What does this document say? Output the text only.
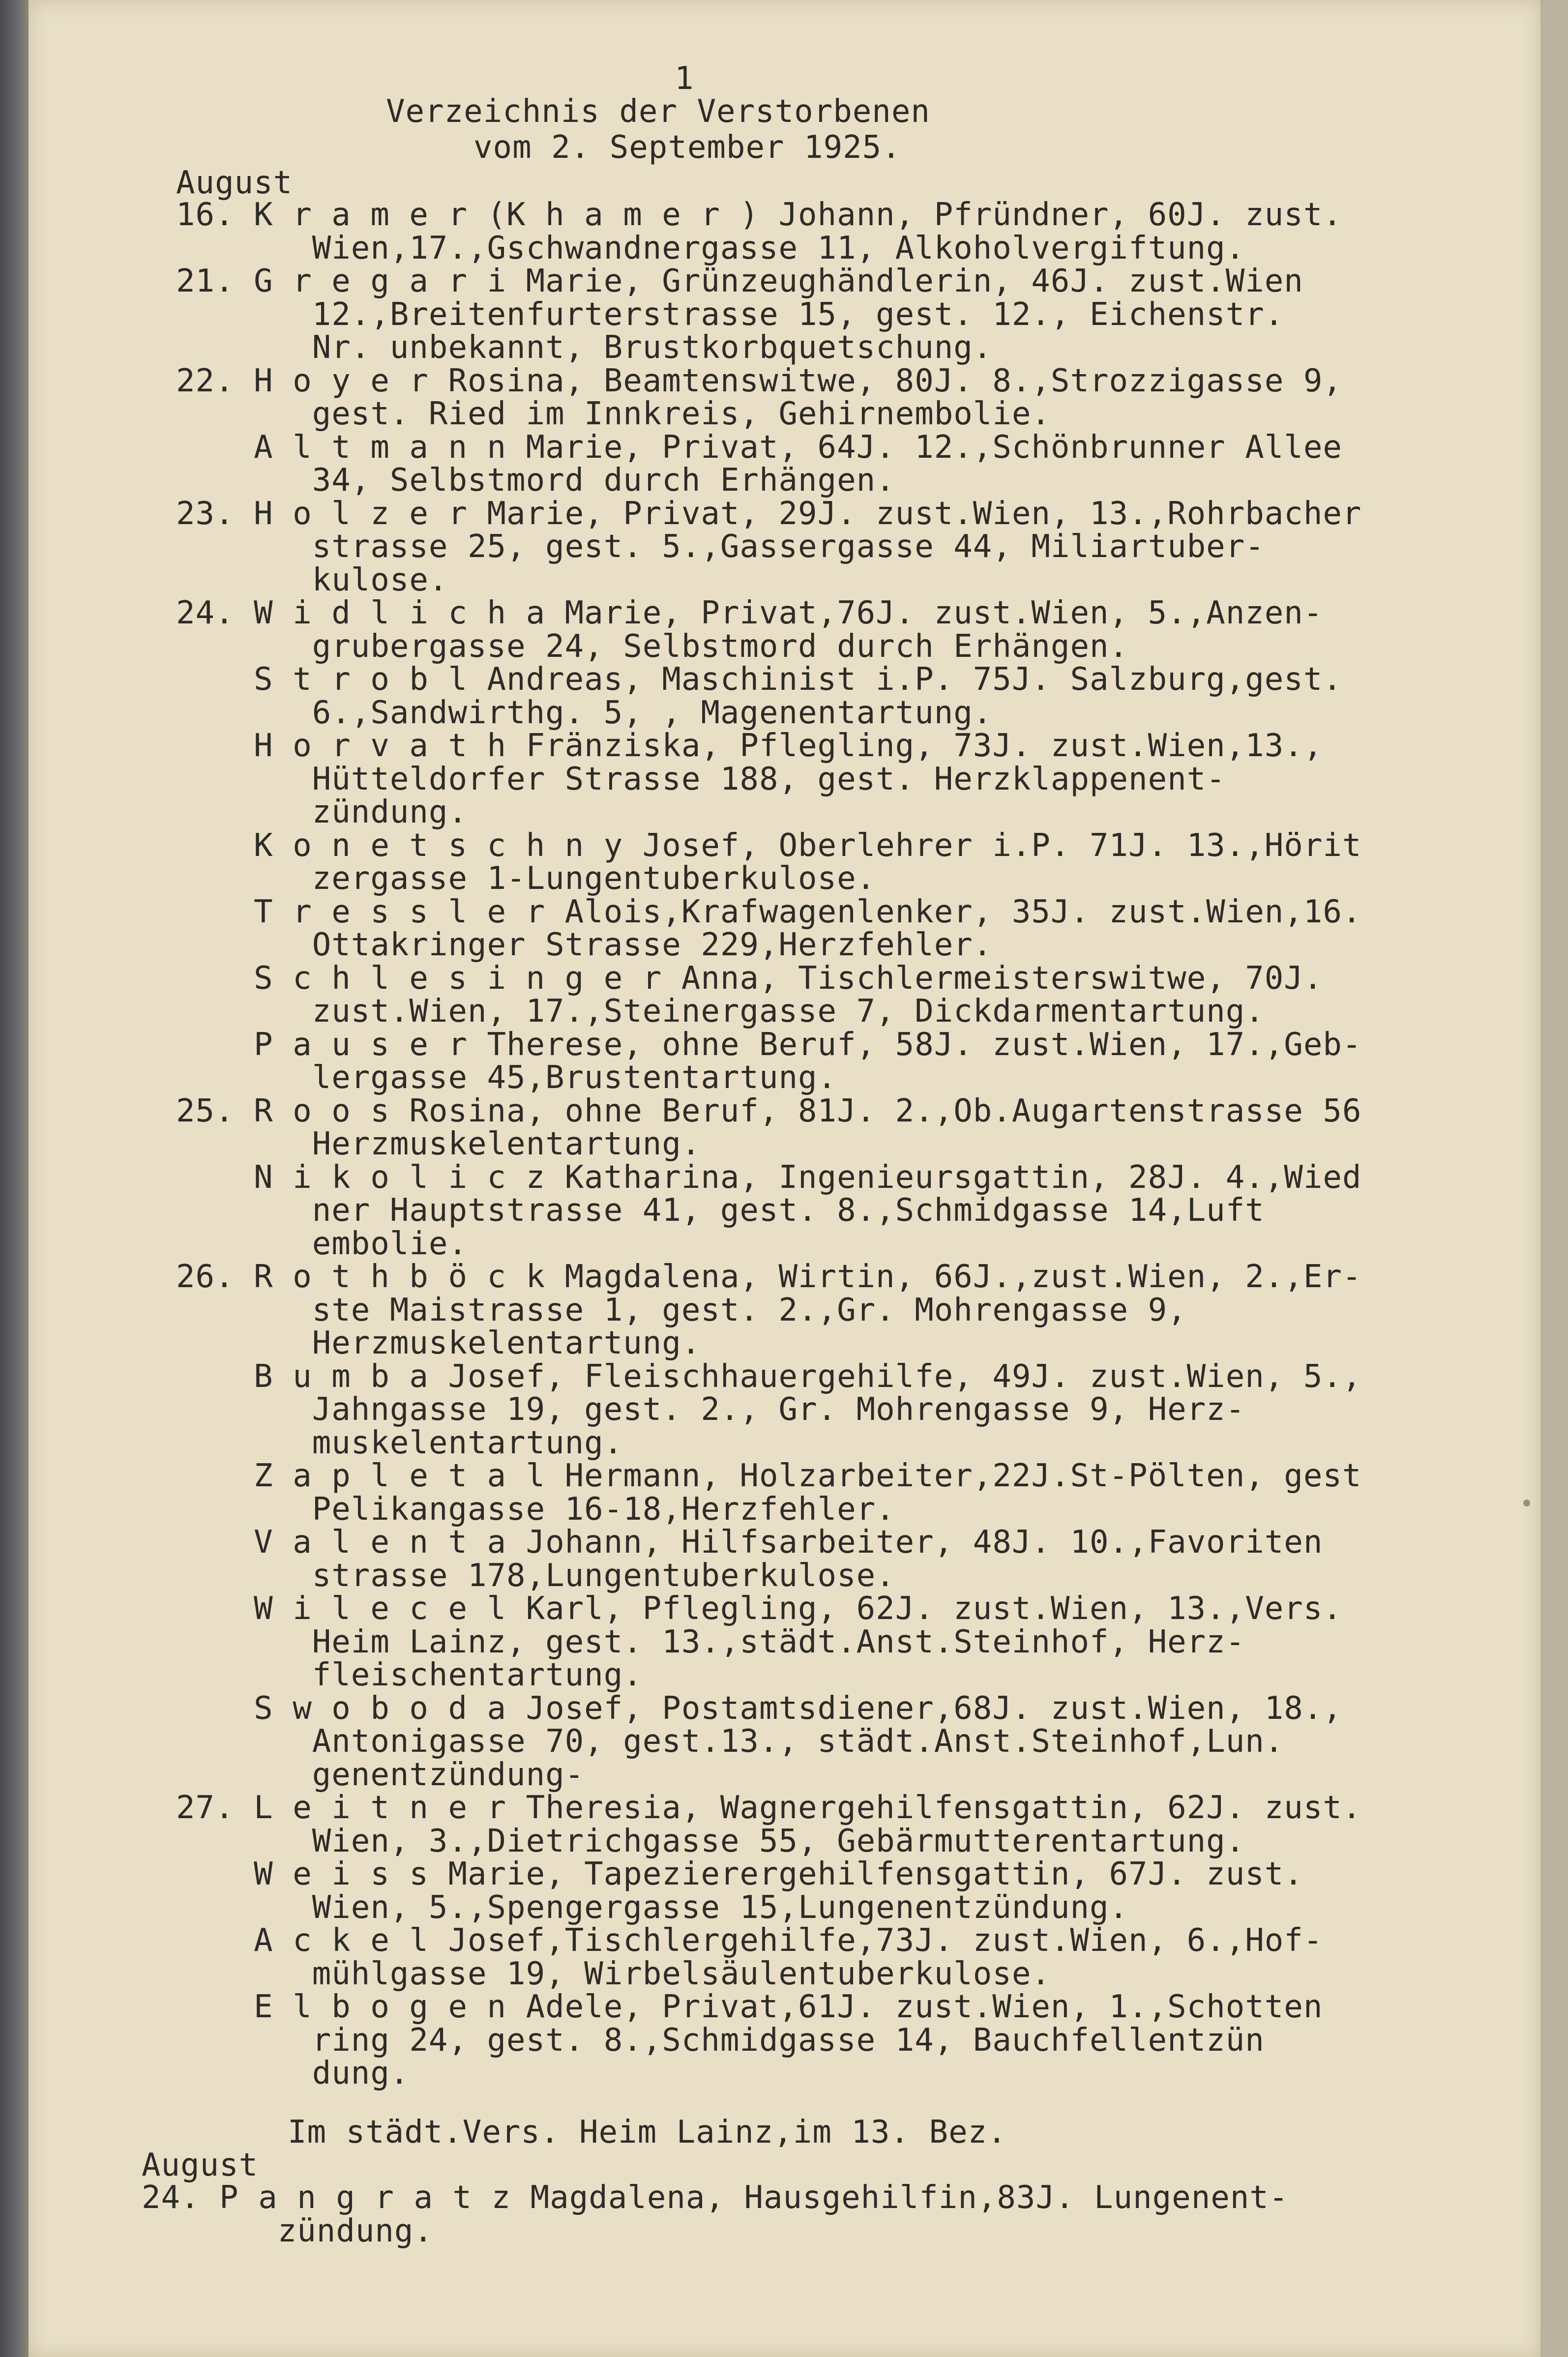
1
Verzeichnis der Verstorbenen
vom 2. September 1925.
August
16. K r a m e r (K h a m e r ) Johann, Pfründner, 60J. zust.
Wien,17.,Gschwandnergasse 11, Alkoholvergiftung.
21. G r e g a r i Marie, Grünzeughändlerin, 46J. zust.Wien
12.,Breitenfurterstrasse 15, gest. 12., Eichenstr.
Nr. unbekannt, Brustkorbquetschung.
22. H o y e r Rosina, Beamtenswitwe, 80J. 8.,Strozzigasse 9,
gest. Ried im Innkreis, Gehirnembolie.
A l t m a n n Marie, Privat, 64J. 12.,Schönbrunner Allee
34, Selbstmord durch Erhängen.
23. H o l z e r Marie, Privat, 29J. zust.Wien, 13.,Rohrbacher
strasse 25, gest. 5.,Gassergasse 44, Miliartuber-
kulose.
24. W i d l i c h a Marie, Privat,76J. zust.Wien, 5.,Anzen-
grubergasse 24, Selbstmord durch Erhängen.
S t r o b l Andreas, Maschinist i.P. 75J. Salzburg,gest.
6.,Sandwirthg. 5, , Magenentartung.
H o r v a t h Fränziska, Pflegling, 73J. zust.Wien,13.,
Hütteldorfer Strasse 188, gest. Herzklappenent-
zündung.
K o n e t s c h n y Josef, Oberlehrer i.P. 71J. 13.,Hörit
zergasse 1-Lungentuberkulose.
T r e s s l e r Alois,Krafwagenlenker, 35J. zust.Wien,16.
Ottakringer Strasse 229,Herzfehler.
S c h l e s i n g e r Anna, Tischlermeisterswitwe, 70J.
zust.Wien, 17.,Steinergasse 7, Dickdarmentartung.
P a u s e r Therese, ohne Beruf, 58J. zust.Wien, 17.,Geb-
lergasse 45,Brustentartung.
25. R o o s Rosina, ohne Beruf, 81J. 2.,Ob.Augartenstrasse 56
Herzmuskelentartung.
N i k o l i c z Katharina, Ingenieursgattin, 28J. 4.,Wied
ner Hauptstrasse 41, gest. 8.,Schmidgasse 14,Luft
embolie.
26. R o t h b ö c k Magdalena, Wirtin, 66J.,zust.Wien, 2.,Er-
ste Maistrasse 1, gest. 2.,Gr. Mohrengasse 9,
Herzmuskelentartung.
B u m b a Josef, Fleischhauergehilfe, 49J. zust.Wien, 5.,
Jahngasse 19, gest. 2., Gr. Mohrengasse 9, Herz-
muskelentartung.
Z a p l e t a l Hermann, Holzarbeiter,22J.St-Pölten, gest
Pelikangasse 16-18,Herzfehler.
V a l e n t a Johann, Hilfsarbeiter, 48J. 10.,Favoriten
strasse 178,Lungentuberkulose.
W i l e c e l Karl, Pflegling, 62J. zust.Wien, 13.,Vers.
Heim Lainz, gest. 13.,städt.Anst.Steinhof, Herz-
fleischentartung.
S w o b o d a Josef, Postamtsdiener,68J. zust.Wien, 18.,
Antonigasse 70, gest.13., städt.Anst.Steinhof,Lun.
genentzündung-
27. L e i t n e r Theresia, Wagnergehilfensgattin, 62J. zust.
Wien, 3.,Dietrichgasse 55, Gebärmutterentartung.
W e i s s Marie, Tapezierergehilfensgattin, 67J. zust.
Wien, 5.,Spengergasse 15,Lungenentzündung.
A c k e l Josef,Tischlergehilfe,73J. zust.Wien, 6.,Hof-
mühlgasse 19, Wirbelsäulentuberkulose.
E l b o g e n Adele, Privat,61J. zust.Wien, 1.,Schotten
ring 24, gest. 8.,Schmidgasse 14, Bauchfellentzün
dung.
Im städt.Vers. Heim Lainz,im 13. Bez.
August
24. P a n g r a t z Magdalena, Hausgehilfin,83J. Lungenent-
zündung.
